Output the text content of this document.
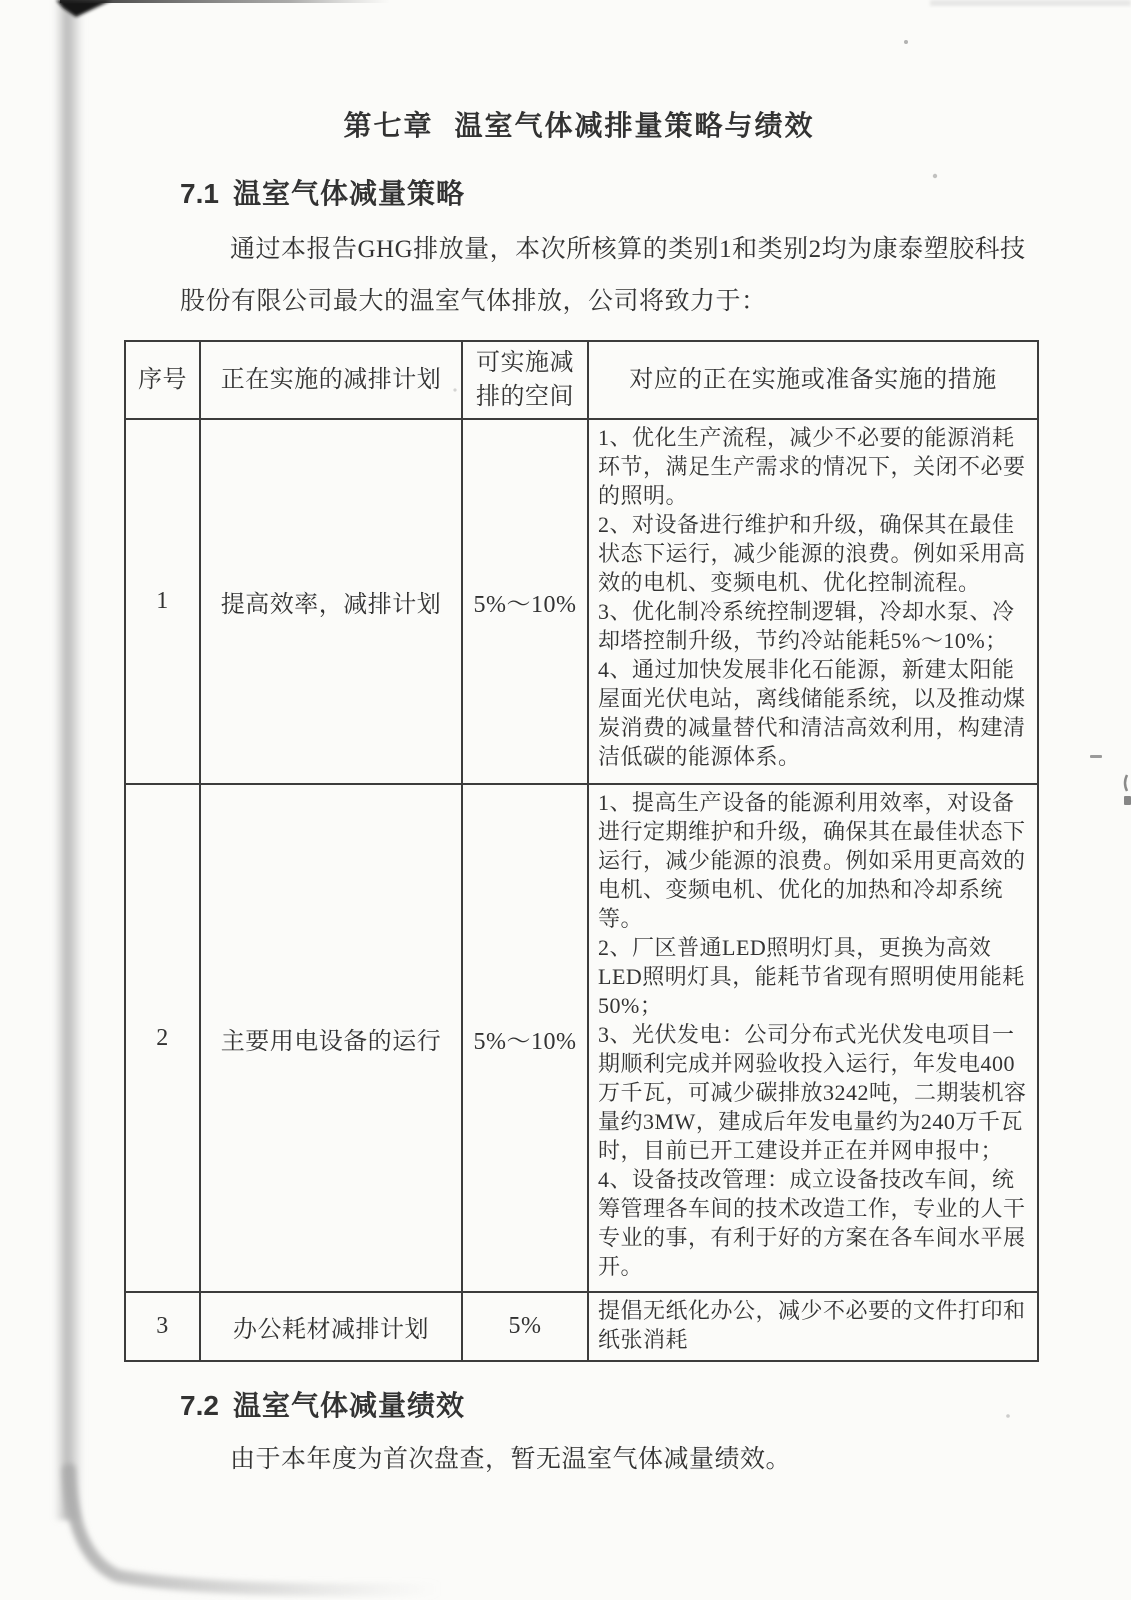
第七章 温室气体减排量策略与绩效
7.1 温室气体减量策略

通过本报告GHG排放量，本次所核算的类别1和类别2均为康泰塑胶科技股份有限公司最大的温室气体排放，公司将致力于：

序号	正在实施的减排计划	可实施减排的空间	对应的正在实施或准备实施的措施
1	提高效率，减排计划	5%～10%	1、优化生产流程，减少不必要的能源消耗环节，满足生产需求的情况下，关闭不必要的照明。

2、对设备进行维护和升级，确保其在最佳状态下运行，减少能源的浪费。例如采用高效的电机、变频电机、优化控制流程。

3、优化制冷系统控制逻辑，冷却水泵、冷却塔控制升级，节约冷站能耗5%～10%；

4、通过加快发展非化石能源，新建太阳能屋面光伏电站，离线储能系统，以及推动煤炭消费的减量替代和清洁高效利用，构建清洁低碳的能源体系。

2	主要用电设备的运行	5%～10%	1、提高生产设备的能源利用效率，对设备进行定期维护和升级，确保其在最佳状态下运行，减少能源的浪费。例如采用更高效的电机、变频电机、优化的加热和冷却系统等。

2、厂区普通LED照明灯具，更换为高效LED照明灯具，能耗节省现有照明使用能耗50%；

3、光伏发电：公司分布式光伏发电项目一期顺利完成并网验收投入运行，年发电400万千瓦，可减少碳排放3242吨，二期装机容量约3MW，建成后年发电量约为240万千瓦时，目前已开工建设并正在并网申报中；

4、设备技改管理：成立设备技改车间，统筹管理各车间的技术改造工作，专业的人干专业的事，有利于好的方案在各车间水平展开。

3	办公耗材减排计划	5%	提倡无纸化办公，减少不必要的文件打印和纸张消耗

7.2 温室气体减量绩效

由于本年度为首次盘查，暂无温室气体减量绩效。
